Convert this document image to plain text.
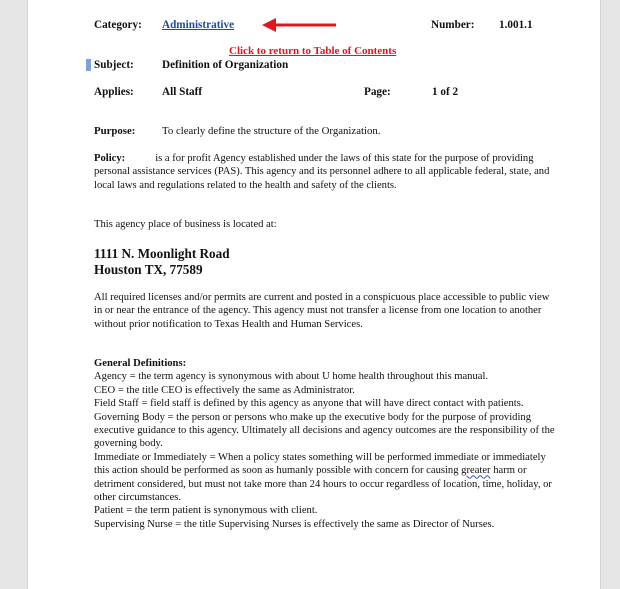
Category: Administrative	Number: 1.001.1
Click to return to Table of Contents
Subject:	Definition of Organization
Applies:	All Staff	Page:	1 of 2
Purpose: To clearly define the structure of the Organization.

Policy:	is a for profit Agency established under the laws of this state for the purpose of providing personal assistance services (PAS). This agency and its personnel adhere to all applicable federal, state, and local laws and regulations related to the health and safety of the clients.

This agency place of business is located at:

1111 N. Moonlight Road

Houston TX, 77589

All required licenses and/or permits are current and posted in a conspicuous place accessible to public view in or near the entrance of the agency. This agency must not transfer a license from one location to another without prior notification to Texas Health and Human Services.

General Definitions:

Agency = the term agency is synonymous with about U home health throughout this manual.

CEO = the title CEO is effectively the same as Administrator.

Field Staff = field staff is defined by this agency as anyone that will have direct contact with patients.

Governing Body = the person or persons who make up the executive body for the purpose of providing executive guidance to this agency. Ultimately all decisions and agency outcomes are the responsibility of the governing body.

Immediate or Immediately = When a policy states something will be performed immediate or immediately this action should be performed as soon as humanly possible with concern for causing greater harm or detriment considered, but must not take more than 24 hours to occur regardless of location, time, holiday, or other circumstances.

Patient = the term patient is synonymous with client.

Supervising Nurse = the title Supervising Nurses is effectively the same as Director of Nurses.
